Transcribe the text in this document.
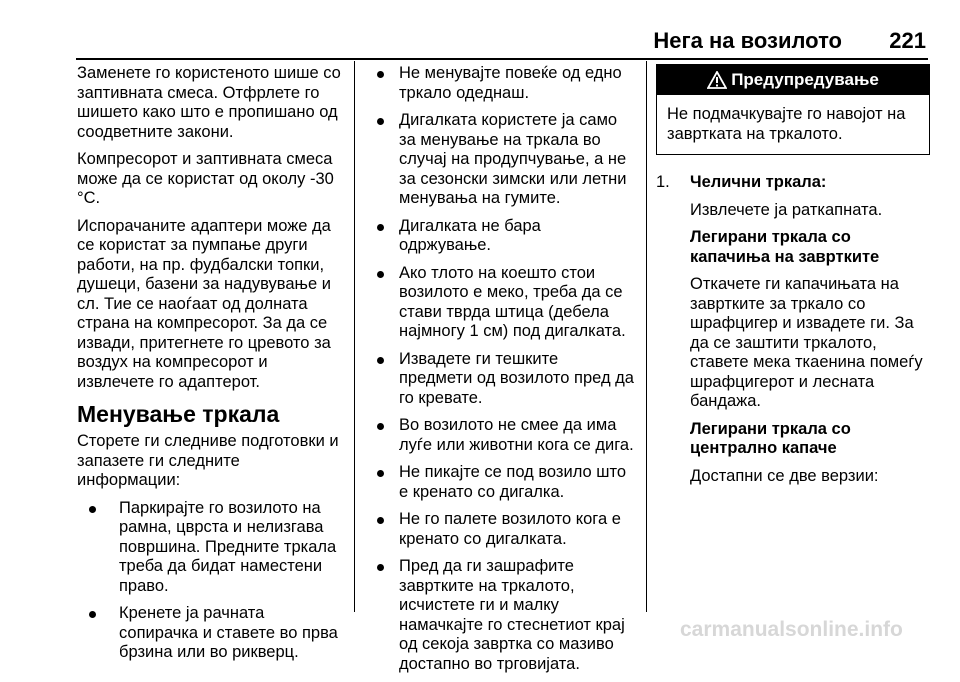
Нега на возилото 221

Заменете го користеното шише со заптивната смеса. Отфрлете го шишето како што е пропишано од соодветните закони.

Компресорот и заптивната смеса може да се користат од околу -30 °C.

Испорачаните адаптери може да се користат за пумпање други работи, на пр. фудбалски топки, душеци, базени за надувување и сл. Тие се наоѓаат од долната страна на компресорот. За да се извади, притегнете го цревото за воздух на компресорот и извлечете го адаптерот.

Менување тркала

Сторете ги следниве подготовки и запазете ги следните информации:

Паркирајте го возилото на рамна, цврста и нелизгава површина. Предните тркала треба да бидат наместени право.
Кренете ја рачната сопирачка и ставете во прва брзина или во рикверц.
Не менувајте повеќе од едно тркало одеднаш.
Дигалката користете ја само за менување на тркала во случај на продупчување, а не за сезонски зимски или летни менувања на гумите.
Дигалката не бара одржување.
Ако тлото на коешто стои возилото е меко, треба да се стави тврда штица (дебела најмногу 1 см) под дигалката.
Извадете ги тешките предмети од возилото пред да го кревате.
Во возилото не смее да има луѓе или животни кога се дига.
Не пикајте се под возило што е кренато со дигалка.
Не го палете возилото кога е кренато со дигалката.
Пред да ги зашрафите завртките на тркалото, исчистете ги и малку намачкајте го стеснетиот крај од секоја завртка со мазиво достапно во трговијата.
Предупредување
Не подмачкувајте го навојот на завртката на тркалото.
1. Челични тркала:

Извлечете ја раткапната.

Легирани тркала со капачиња на завртките

Откачете ги капачињата на завртките за тркало со шрафцигер и извадете ги. За да се заштити тркалото, ставете мека ткаенина помеѓу шрафцигерот и лесната бандажа.

Легирани тркала со централно капаче

Достапни се две верзии:

carmanualsonline.info
